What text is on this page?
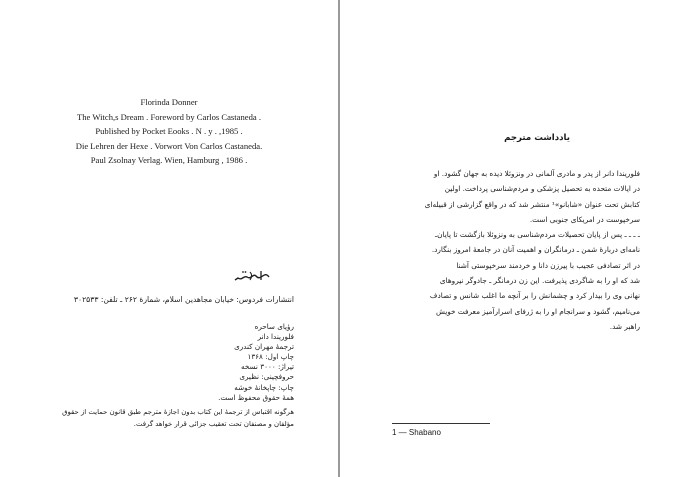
Florinda Donner
The Witch,s Dream . Foreword by Carlos Castaneda .
Published by Pocket Eooks . N . y . ,1985 .
Die Lehren der Hexe . Vorwort Von Carlos Castaneda.
Paul Zsolnay Verlag. Wien, Hamburg , 1986 .
انتشارات فردوس: خیابان مجاهدین اسلام، شمارهٔ ۲۶۲ ـ تلفن: ۳۰۲۵۳۳
رؤیای ساحره
فلوریندا دانر
ترجمهٔ مهران کندری
چاپ اول: ۱۳۶۸
تیراژ: ۳۰۰۰ نسخه
حروفچینی: نظیری
چاپ: چاپخانهٔ خوشه
همهٔ حقوق محفوظ است.
هرگونه اقتباس از ترجمهٔ این کتاب بدون اجازهٔ مترجم طبق قانون حمایت از حقوق
مؤلفان و مصنفان تحت تعقیب جزائی قرار خواهد گرفت.
یادداشت مترجم
فلوریندا دانر از پدر و مادری آلمانی در ونزوئلا دیده به جهان گشود. او
در ایالات متحده به تحصیل پزشکی و مردم‌شناسی پرداخت. اولین
کتابش تحت عنوان «شابانو»¹ منتشر شد که در واقع گزارشی از قبیله‌ای
سرخپوست در امریکای جنوبی است.
ـ ـ ـ ـ پس از پایان تحصیلات مردم‌شناسی به ونزوئلا بازگشت تا پایان‌ـ
نامه‌ای دربارهٔ شمن ـ درمانگران و اهمیت آنان در جامعهٔ امروز بنگارد.
در اثر تصادفی عجیب با پیرزن دانا و خردمند سرخپوستی آشنا
شد که او را به شاگردی پذیرفت. این زن درمانگر ـ جادوگر نیروهای
نهانی وی را بیدار کرد و چشمانش را بر آنچه ما اغلب شانس و تصادف
می‌نامیم، گشود و سرانجام او را به ژرفای اسرارآمیز معرفت خویش
راهبر شد.
1 — Shabano
